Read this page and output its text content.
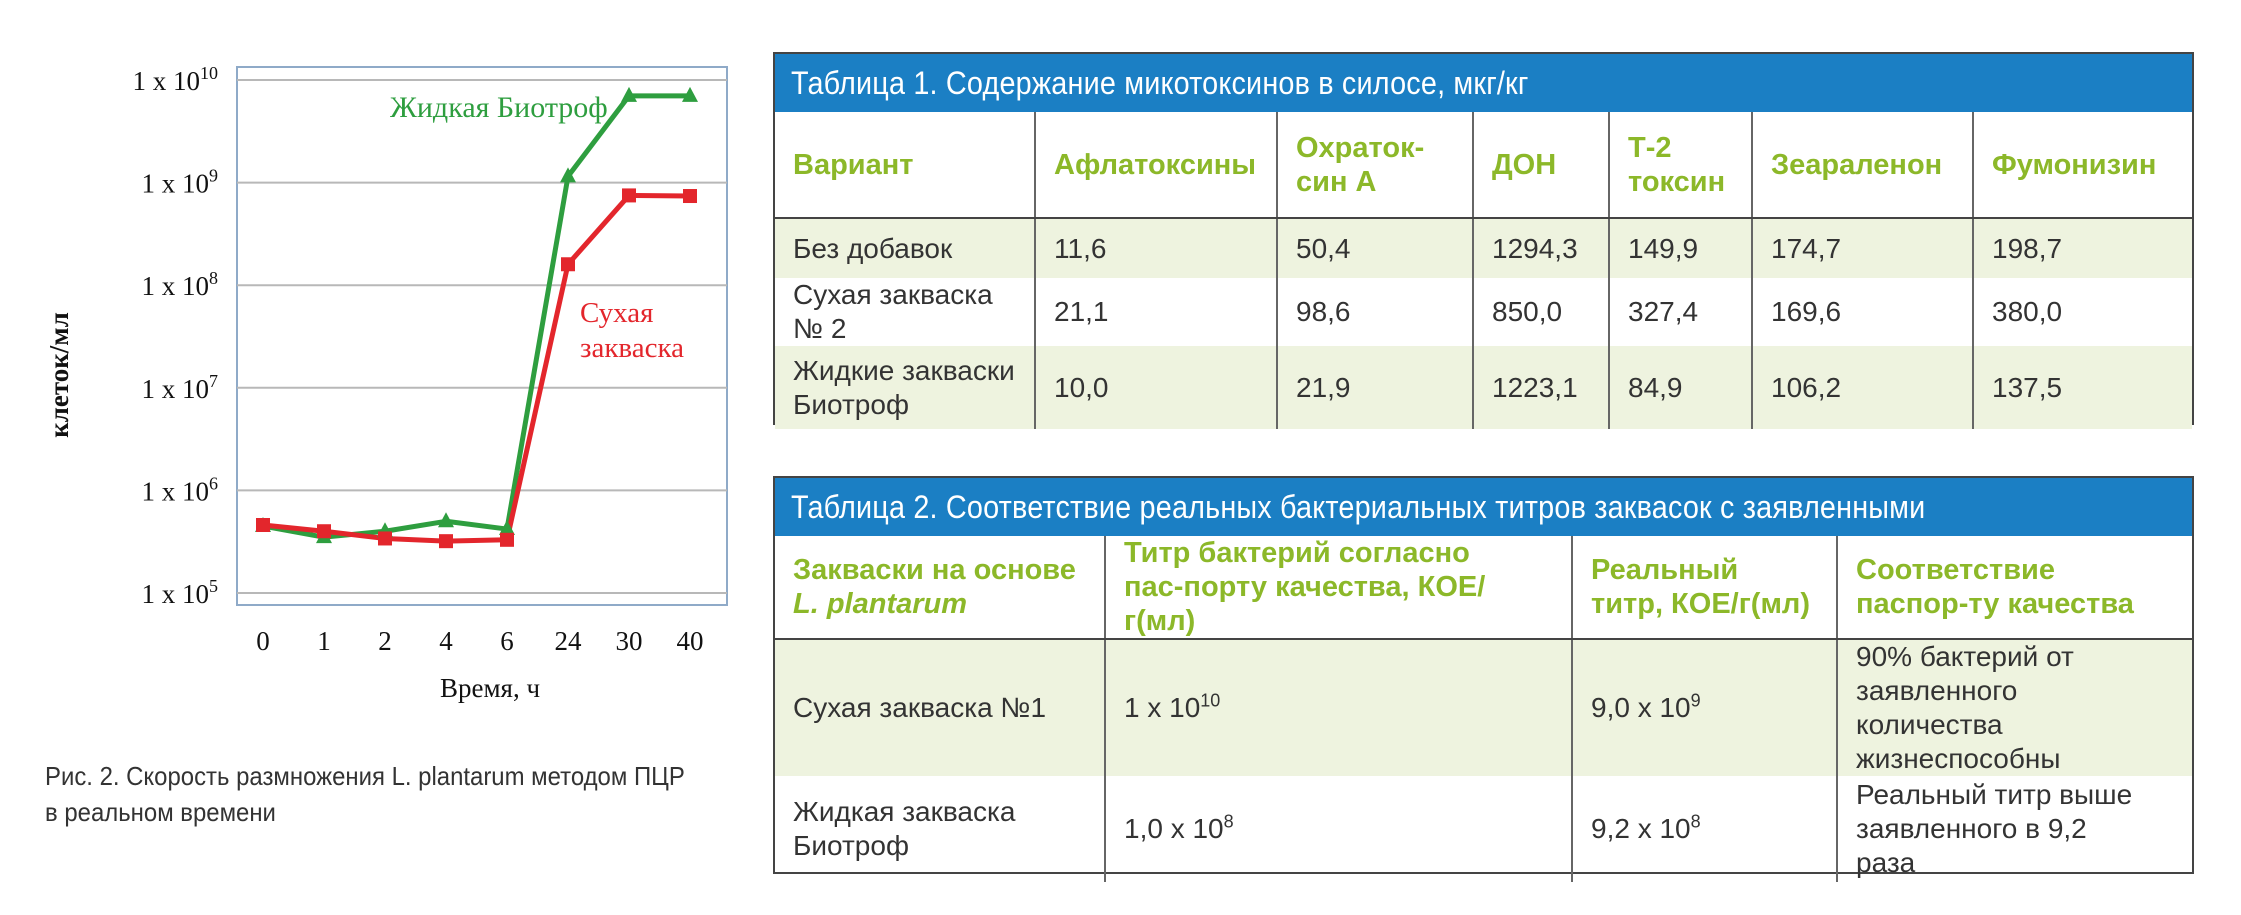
1 x $10^5$
1 x $10^6$
1 x $10^7$
1 x $10^8$
1 x $10^9$
1 x $10^{10}$
0 1 2 4 6 24 30 40
клеток/мл
Время, ч
Жидкая Биотроф
Сухая
закваска
Рис. 2. Скорость размножения L. plantarum методом ПЦР в реальном времени
Таблица 1. Содержание микотоксинов в силосе, мкг/кг
Вариант	Афлатоксины	Охраток-син А	ДОН	Т-2 токсин	Зеараленон	Фумонизин
Без добавок	11,6	50,4	1294,3	149,9	174,7	198,7
Сухая закваска № 2	21,1	98,6	850,0	327,4	169,6	380,0
Жидкие закваски Биотроф	10,0	21,9	1223,1	84,9	106,2	137,5
Таблица 2. Соответствие реальных бактериальных титров заквасок с заявленными
Закваски на основе
L. plantarum	Титр бактерий согласно пас-порту качества, КОЕ/г(мл)	Реальный титр, КОЕ/г(мл)	Соответствие паспор-ту качества
Сухая закваска №1	1 x $10^{10}$	9,0 x $10^9$	90% бактерий от заявленного количества жизнеспособны
Жидкая закваска Биотроф	1,0 x $10^8$	9,2 x $10^8$	Реальный титр выше заявленного в 9,2 раза
